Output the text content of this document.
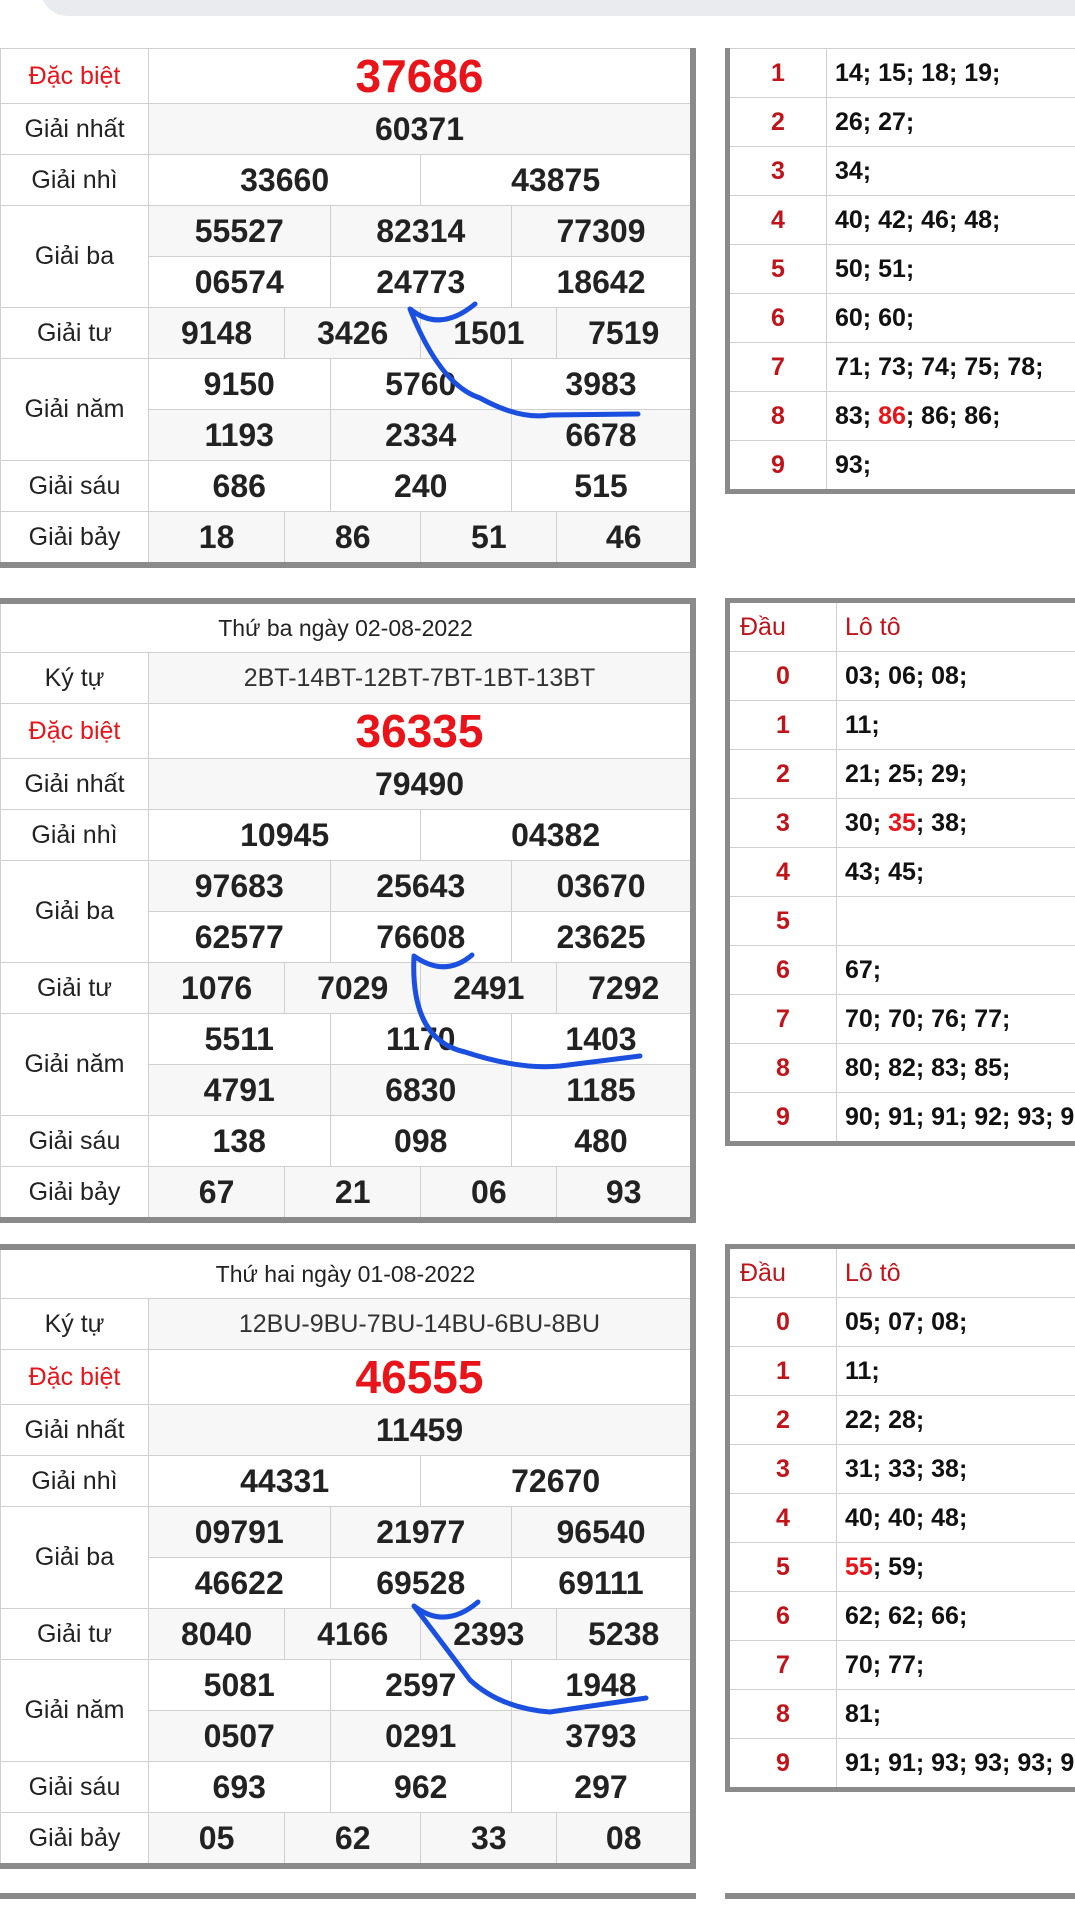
Đặc biệt	37686					
Giải nhất	60371					
Giải nhì	33660			43875		
Giải ba	55527		82314		77309	
	06574		24773		18642	
Giải tư	9148	3426		1501		7519
Giải năm	9150		5760		3983	
	1193		2334		6678	
Giải sáu	686		240		515	
Giải bảy	18	86		51		46
1	14; 15; 18; 19;
2	26; 27;
3	34;
4	40; 42; 46; 48;
5	50; 51;
6	60; 60;
7	71; 73; 74; 75; 78;
8	83; 86; 86; 86;
9	93;
Thứ ba ngày 02-08-2022						
Ký tự	2BT-14BT-12BT-7BT-1BT-13BT					
Đặc biệt	36335					
Giải nhất	79490					
Giải nhì	10945			04382		
Giải ba	97683		25643		03670	
	62577		76608		23625	
Giải tư	1076	7029		2491		7292
Giải năm	5511		1170		1403	
	4791		6830		1185	
Giải sáu	138		098		480	
Giải bảy	67	21		06		93
Đầu	Lô tô
0	03; 06; 08;
1	11;
2	21; 25; 29;
3	30; 35; 38;
4	43; 45;
5	
6	67;
7	70; 70; 76; 77;
8	80; 82; 83; 85;
9	90; 91; 91; 92; 93; 9
Thứ hai ngày 01-08-2022						
Ký tự	12BU-9BU-7BU-14BU-6BU-8BU					
Đặc biệt	46555					
Giải nhất	11459					
Giải nhì	44331			72670		
Giải ba	09791		21977		96540	
	46622		69528		69111	
Giải tư	8040	4166		2393		5238
Giải năm	5081		2597		1948	
	0507		0291		3793	
Giải sáu	693		962		297	
Giải bảy	05	62		33		08
Đầu	Lô tô
0	05; 07; 08;
1	11;
2	22; 28;
3	31; 33; 38;
4	40; 40; 48;
5	55; 59;
6	62; 62; 66;
7	70; 77;
8	81;
9	91; 91; 93; 93; 93; 9
